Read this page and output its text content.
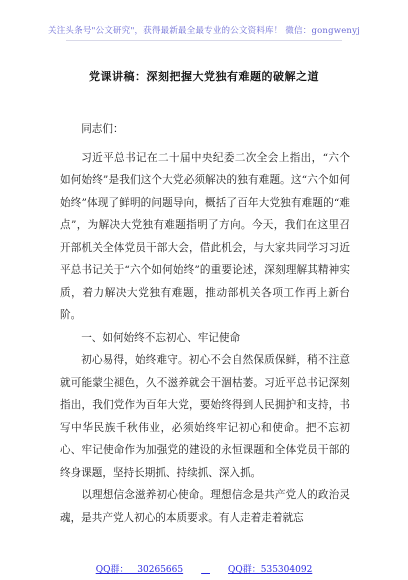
关注头条号"公文研究"，获得最新最全最专业的公文资料库！ 微信：gongwenyj
党课讲稿：深刻把握大党独有难题的破解之道

同志们：

习近平总书记在二十届中央纪委二次全会上指出，“六个如何始终”是我们这个大党必须解决的独有难题。这“六个如何始终”体现了鲜明的问题导向，概括了百年大党独有难题的“难点”，为解决大党独有难题指明了方向。今天，我们在这里召开部机关全体党员干部大会，借此机会，与大家共同学习习近平总书记关于“六个如何始终”的重要论述，深刻理解其精神实质，着力解决大党独有难题，推动部机关各项工作再上新台阶。

一、如何始终不忘初心、牢记使命

初心易得，始终难守。初心不会自然保质保鲜，稍不注意就可能蒙尘褪色，久不滋养就会干涸枯萎。习近平总书记深刻指出，我们党作为百年大党，要始终得到人民拥护和支持，书写中华民族千秋伟业，必须始终牢记初心和使命。把不忘初心、牢记使命作为加强党的建设的永恒课题和全体党员干部的终身课题，坚持长期抓、持续抓、深入抓。

以理想信念滋养初心使命。理想信念是共产党人的政治灵魂，是共产党人初心的本质要求。有人走着走着就忘

QQ群： 30265665	QQ群：535304092
